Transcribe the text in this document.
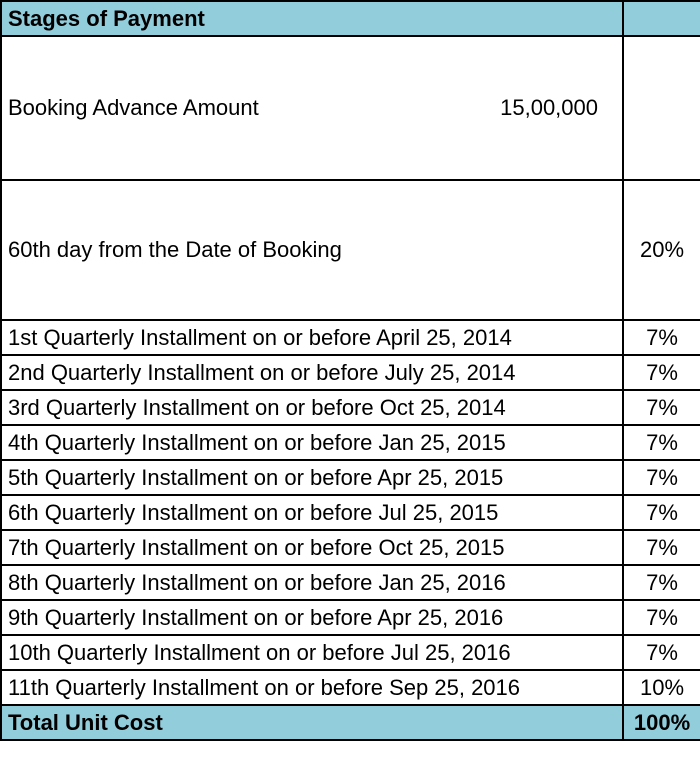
Stages of Payment	

Booking Advance Amount 15,00,000	

60th day from the Date of Booking	20%
1st Quarterly Installment on or before April 25, 2014	7%
2nd Quarterly Installment on or before July 25, 2014	7%
3rd Quarterly Installment on or before Oct 25, 2014	7%
4th Quarterly Installment on or before Jan 25, 2015	7%
5th Quarterly Installment on or before Apr 25, 2015	7%
6th Quarterly Installment on or before Jul 25, 2015	7%
7th Quarterly Installment on or before Oct 25, 2015	7%
8th Quarterly Installment on or before Jan 25, 2016	7%
9th Quarterly Installment on or before Apr 25, 2016	7%
10th Quarterly Installment on or before Jul 25, 2016	7%
11th Quarterly Installment on or before Sep 25, 2016	10%
Total Unit Cost	100%
